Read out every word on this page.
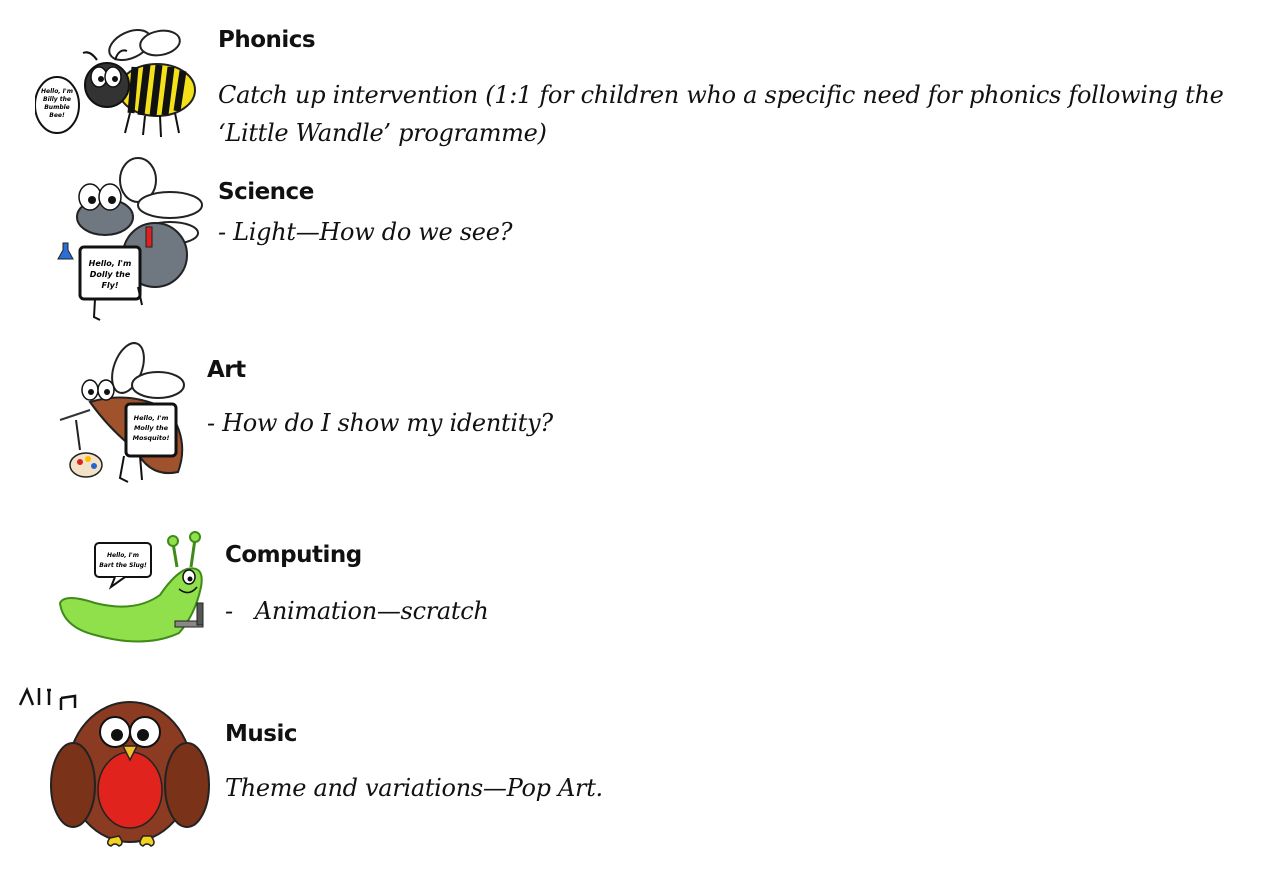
Hello, I'm
Billy the
Bumble
Bee!
Phonics
Catch up intervention (1:1 for children who a specific need for phonics following the ‘Little Wandle’ programme)
Hello, I'm
Dolly the
Fly!
Science
- Light—How do we see?
Hello, I'm
Molly the
Mosquito!
Art
- How do I show my identity?
Hello, I'm
Bart the Slug!	Computing
-   Animation—scratch
Music
Theme and variations—Pop Art.
